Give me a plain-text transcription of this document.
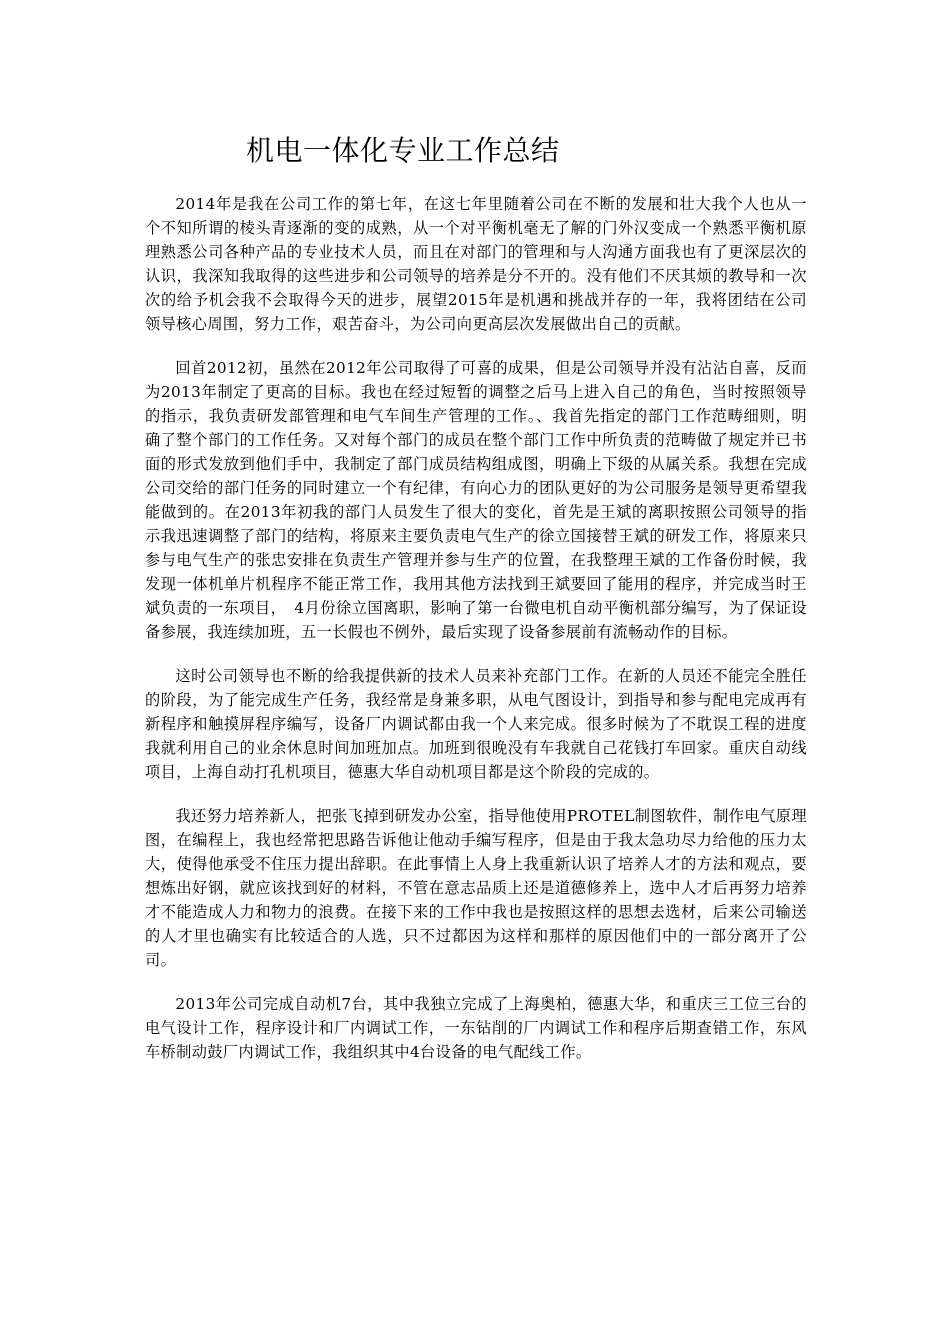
机电一体化专业工作总结

2014年是我在公司工作的第七年，在这七年里随着公司在不断的发展和壮大我个人也从一个不知所谓的棱头青逐渐的变的成熟，从一个对平衡机毫无了解的门外汉变成一个熟悉平衡机原理熟悉公司各种产品的专业技术人员，而且在对部门的管理和与人沟通方面我也有了更深层次的认识，我深知我取得的这些进步和公司领导的培养是分不开的。没有他们不厌其烦的教导和一次次的给予机会我不会取得今天的进步，展望2015年是机遇和挑战并存的一年，我将团结在公司领导核心周围，努力工作，艰苦奋斗，为公司向更高层次发展做出自己的贡献。

回首2012初，虽然在2012年公司取得了可喜的成果，但是公司领导并没有沾沾自喜，反而为2013年制定了更高的目标。我也在经过短暂的调整之后马上进入自己的角色，当时按照领导的指示，我负责研发部管理和电气车间生产管理的工作。、我首先指定的部门工作范畴细则，明确了整个部门的工作任务。又对每个部门的成员在整个部门工作中所负责的范畴做了规定并已书面的形式发放到他们手中，我制定了部门成员结构组成图，明确上下级的从属关系。我想在完成公司交给的部门任务的同时建立一个有纪律，有向心力的团队更好的为公司服务是领导更希望我能做到的。在2013年初我的部门人员发生了很大的变化，首先是王斌的离职按照公司领导的指示我迅速调整了部门的结构，将原来主要负责电气生产的徐立国接替王斌的研发工作，将原来只参与电气生产的张忠安排在负责生产管理并参与生产的位置，在我整理王斌的工作备份时候，我发现一体机单片机程序不能正常工作，我用其他方法找到王斌要回了能用的程序，并完成当时王斌负责的一东项目，　4月份徐立国离职，影响了第一台微电机自动平衡机部分编写，为了保证设备参展，我连续加班，五一长假也不例外，最后实现了设备参展前有流畅动作的目标。

这时公司领导也不断的给我提供新的技术人员来补充部门工作。在新的人员还不能完全胜任的阶段，为了能完成生产任务，我经常是身兼多职，从电气图设计，到指导和参与配电完成再有新程序和触摸屏程序编写，设备厂内调试都由我一个人来完成。很多时候为了不耽误工程的进度我就利用自己的业余休息时间加班加点。加班到很晚没有车我就自己花钱打车回家。重庆自动线项目，上海自动打孔机项目，德惠大华自动机项目都是这个阶段的完成的。

我还努力培养新人，把张飞掉到研发办公室，指导他使用PROTEL制图软件，制作电气原理图，在编程上，我也经常把思路告诉他让他动手编写程序，但是由于我太急功尽力给他的压力太大，使得他承受不住压力提出辞职。在此事情上人身上我重新认识了培养人才的方法和观点，要想炼出好钢，就应该找到好的材料，不管在意志品质上还是道德修养上，选中人才后再努力培养才不能造成人力和物力的浪费。在接下来的工作中我也是按照这样的思想去选材，后来公司输送的人才里也确实有比较适合的人选，只不过都因为这样和那样的原因他们中的一部分离开了公司。

2013年公司完成自动机7台，其中我独立完成了上海奥柏，德惠大华，和重庆三工位三台的电气设计工作，程序设计和厂内调试工作，一东钻削的厂内调试工作和程序后期查错工作，东风车桥制动鼓厂内调试工作，我组织其中4台设备的电气配线工作。
